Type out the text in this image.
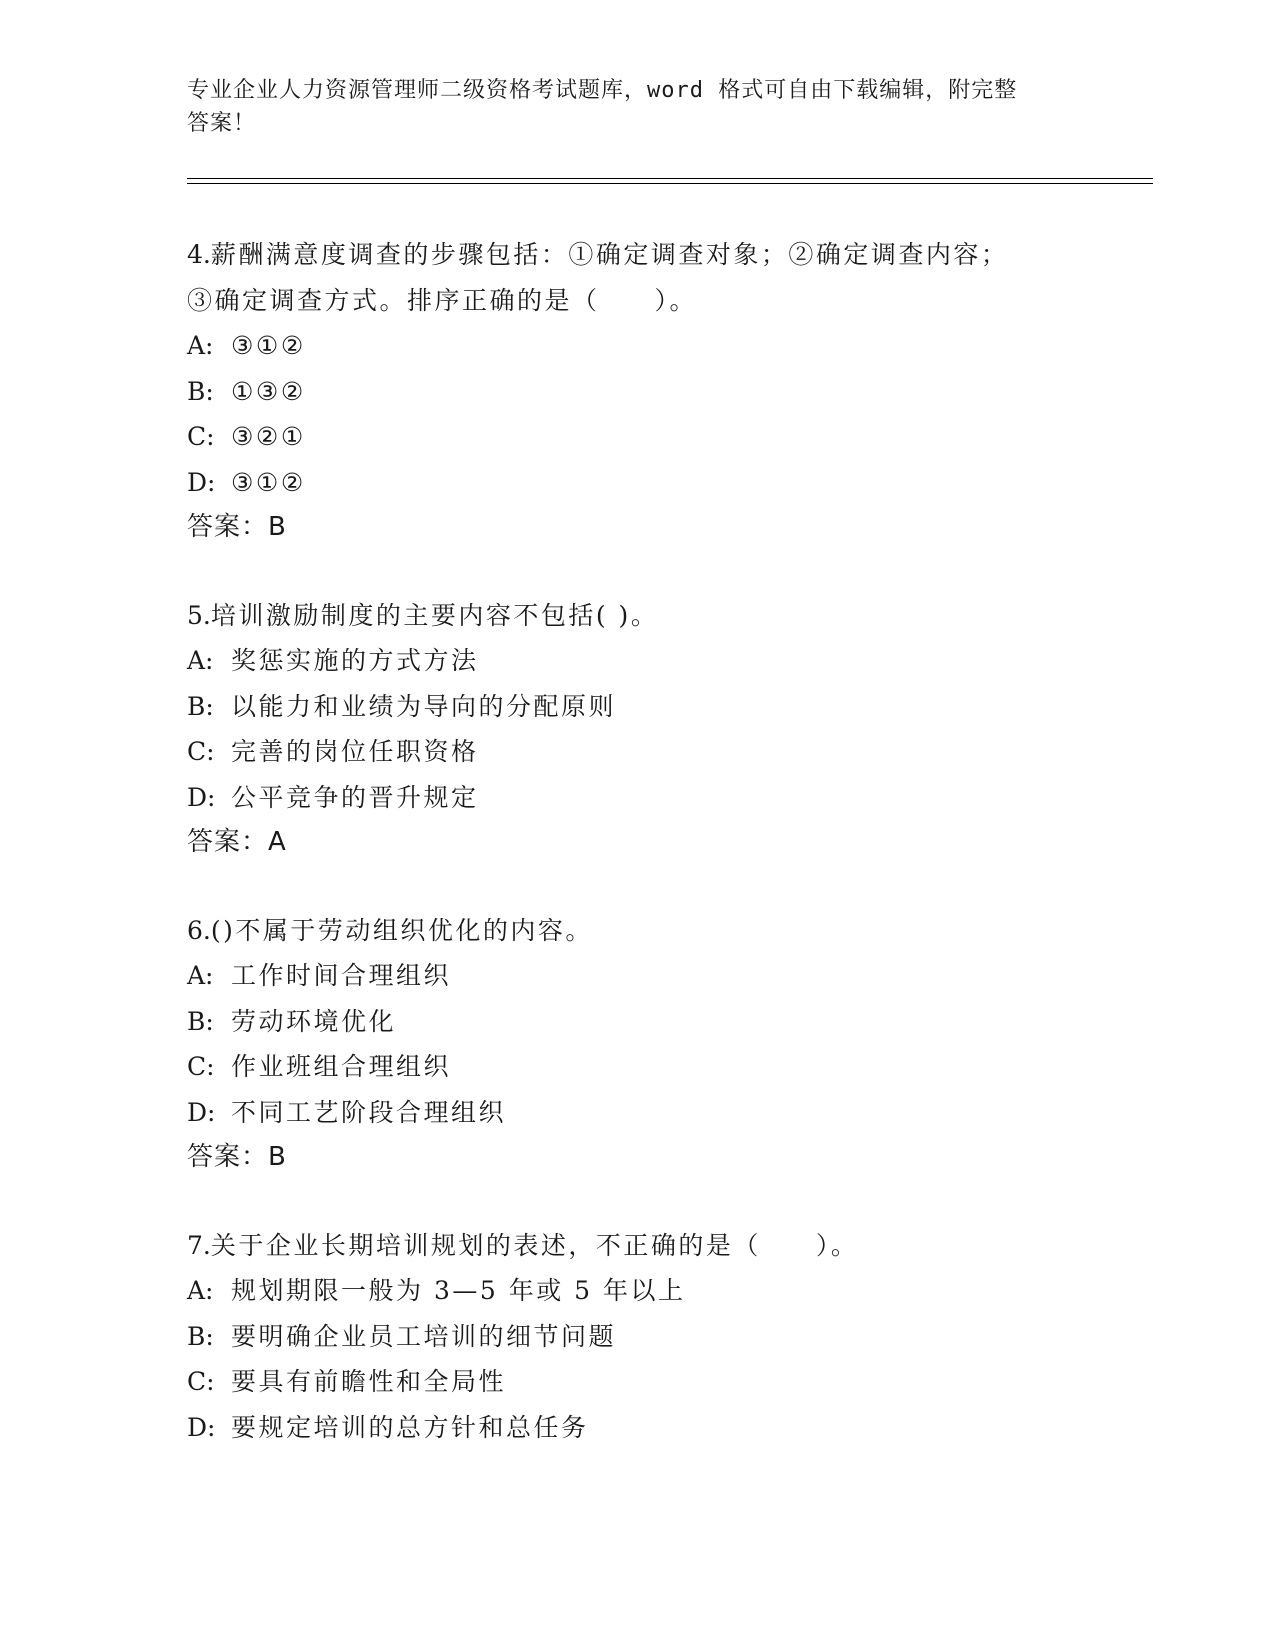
专业企业人力资源管理师二级资格考试题库，word 格式可自由下载编辑，附完整
答案！
4.薪酬满意度调查的步骤包括：①确定调查对象；②确定调查内容；
③确定调查方式。排序正确的是（　　）。
A: ③①②
B: ①③②
C: ③②①
D: ③①②
答案：B
5.培训激励制度的主要内容不包括( )。
A: 奖惩实施的方式方法
B: 以能力和业绩为导向的分配原则
C: 完善的岗位任职资格
D: 公平竞争的晋升规定
答案：A
6.()不属于劳动组织优化的内容。
A: 工作时间合理组织
B: 劳动环境优化
C: 作业班组合理组织
D: 不同工艺阶段合理组织
答案：B
7.关于企业长期培训规划的表述，不正确的是（　　）。
A: 规划期限一般为 3—5 年或 5 年以上
B: 要明确企业员工培训的细节问题
C: 要具有前瞻性和全局性
D: 要规定培训的总方针和总任务
